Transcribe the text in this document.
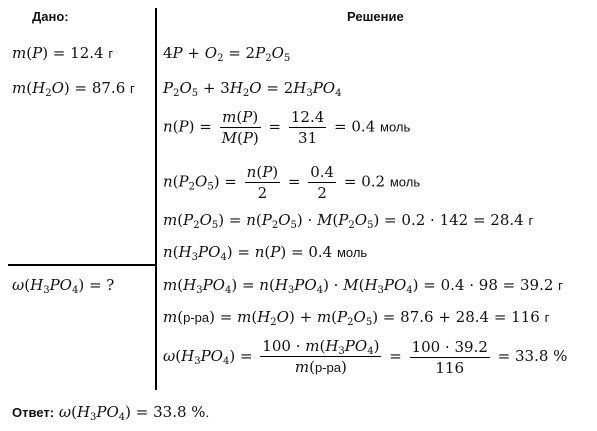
Дано:	Решение
m(P) = 12.4 г
$m(H_2O) = 87.6$ г
$\omega(H_3PO_4)$ = ?
$4P + O_2 = 2P_2O_5$
$P_2O_5 + 3H_2O = 2H_3PO_4$
$n(P) = \frac{m(P)}{M(P)} = \frac{12.4}{31} = 0.4$ моль
$n(P_2O_5) = \frac{n(P)}{2} = \frac{0.4}{2} = 0.2$ моль
$m(P_2O_5) = n(P_2O_5) \cdot M(P_2O_5) = 0.2 \cdot 142 = 28.4$ г
$n(H_3PO_4) = n(P) = 0.4$ моль
$m(H_3PO_4) = n(H_3PO_4) \cdot M(H_3PO_4) = 0.4 \cdot 98 = 39.2$ г
$m(р-ра) = m(H_2O) + m(P_2O_5) = 87.6 + 28.4 = 116$ г
$\omega(H_3PO_4) = \frac{100 \cdot m(H_3PO_4)}{m(р-ра)} = \frac{100 \cdot 39.2}{116} = 33.8$ %
Ответ: $\omega(H_3PO_4) = 33.8$ %.
